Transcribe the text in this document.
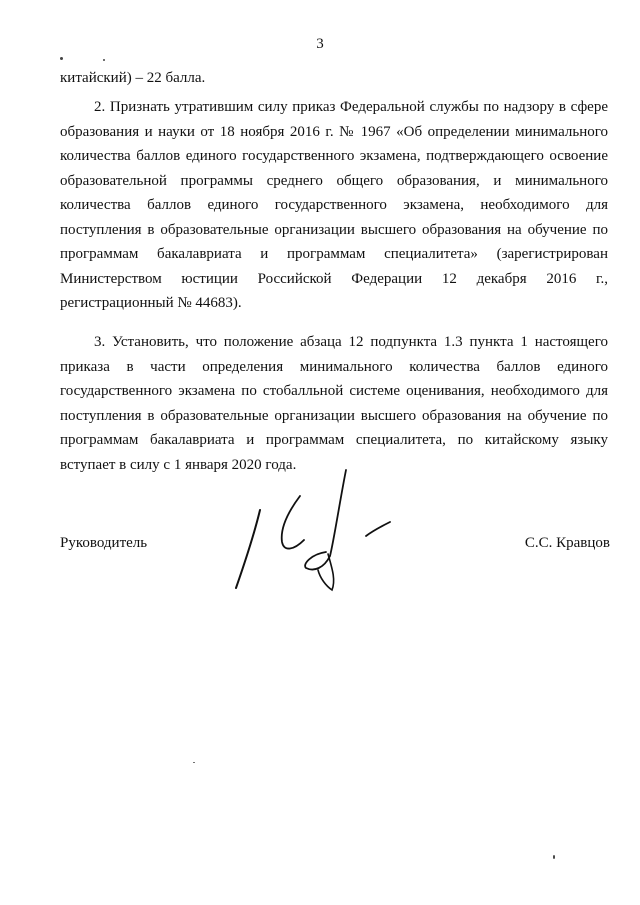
3
китайский) – 22 балла.

2. Признать утратившим силу приказ Федеральной службы по надзору в сфере образования и науки от 18 ноября 2016 г. № 1967 «Об определении минимального количества баллов единого государственного экзамена, подтверждающего освоение образовательной программы среднего общего образования, и минимального количества баллов единого государственного экзамена, необходимого для поступления в образовательные организации высшего образования на обучение по программам бакалавриата и программам специалитета» (зарегистрирован Министерством юстиции Российской Федерации 12 декабря 2016 г., регистрационный № 44683).

3. Установить, что положение абзаца 12 подпункта 1.3 пункта 1 настоящего приказа в части определения минимального количества баллов единого государственного экзамена по стобалльной системе оценивания, необходимого для поступления в образовательные организации высшего образования на обучение по программам бакалавриата и программам специалитета, по китайскому языку вступает в силу с 1 января 2020 года.

Руководитель	С.С. Кравцов
